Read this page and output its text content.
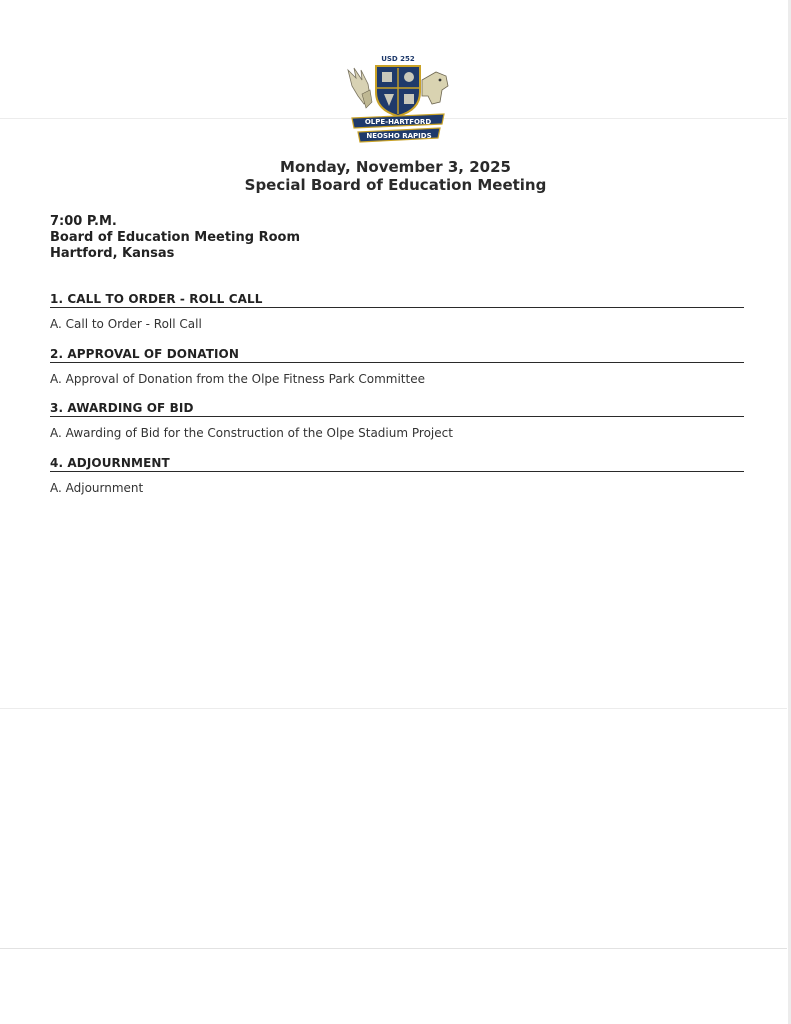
USD 252
OLPE-HARTFORD
NEOSHO RAPIDS
Monday, November 3, 2025
Special Board of Education Meeting
7:00 P.M.
Board of Education Meeting Room
Hartford, Kansas
1. CALL TO ORDER - ROLL CALL
A. Call to Order - Roll Call
2. APPROVAL OF DONATION
A. Approval of Donation from the Olpe Fitness Park Committee
3. AWARDING OF BID
A. Awarding of Bid for the Construction of the Olpe Stadium Project
4. ADJOURNMENT
A. Adjournment
